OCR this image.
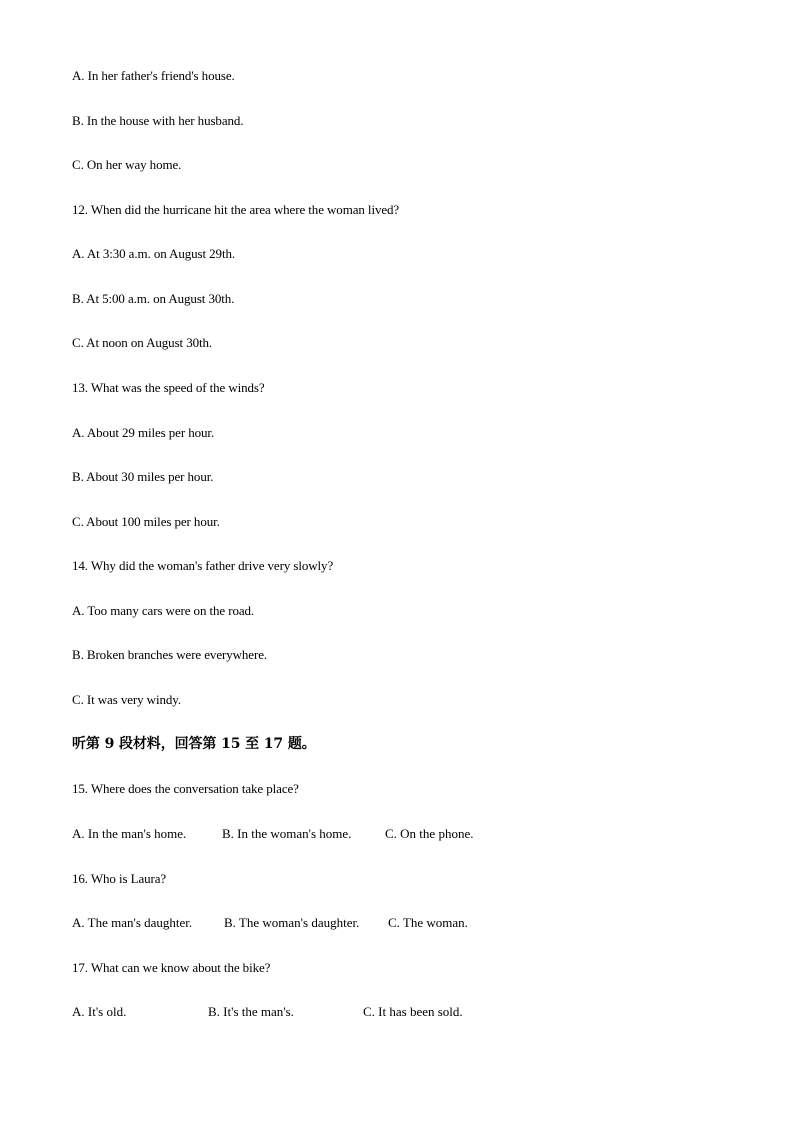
A. In her father's friend's house.
B. In the house with her husband.
C. On her way home.
12. When did the hurricane hit the area where the woman lived?
A. At 3:30 a.m. on August 29th.
B. At 5:00 a.m. on August 30th.
C. At noon on August 30th.
13. What was the speed of the winds?
A. About 29 miles per hour.
B. About 30 miles per hour.
C. About 100 miles per hour.
14. Why did the woman's father drive very slowly?
A. Too many cars were on the road.
B. Broken branches were everywhere.
C. It was very windy.
听第 9 段材料，回答第 15 至 17 题。
15. Where does the conversation take place?
A. In the man's home.	B. In the woman's home.	C. On the phone.
16. Who is Laura?
A. The man's daughter. B. The woman's daughter. C. The woman.
17. What can we know about the bike?
A. It's old.	B. It's the man's.	C. It has been sold.
